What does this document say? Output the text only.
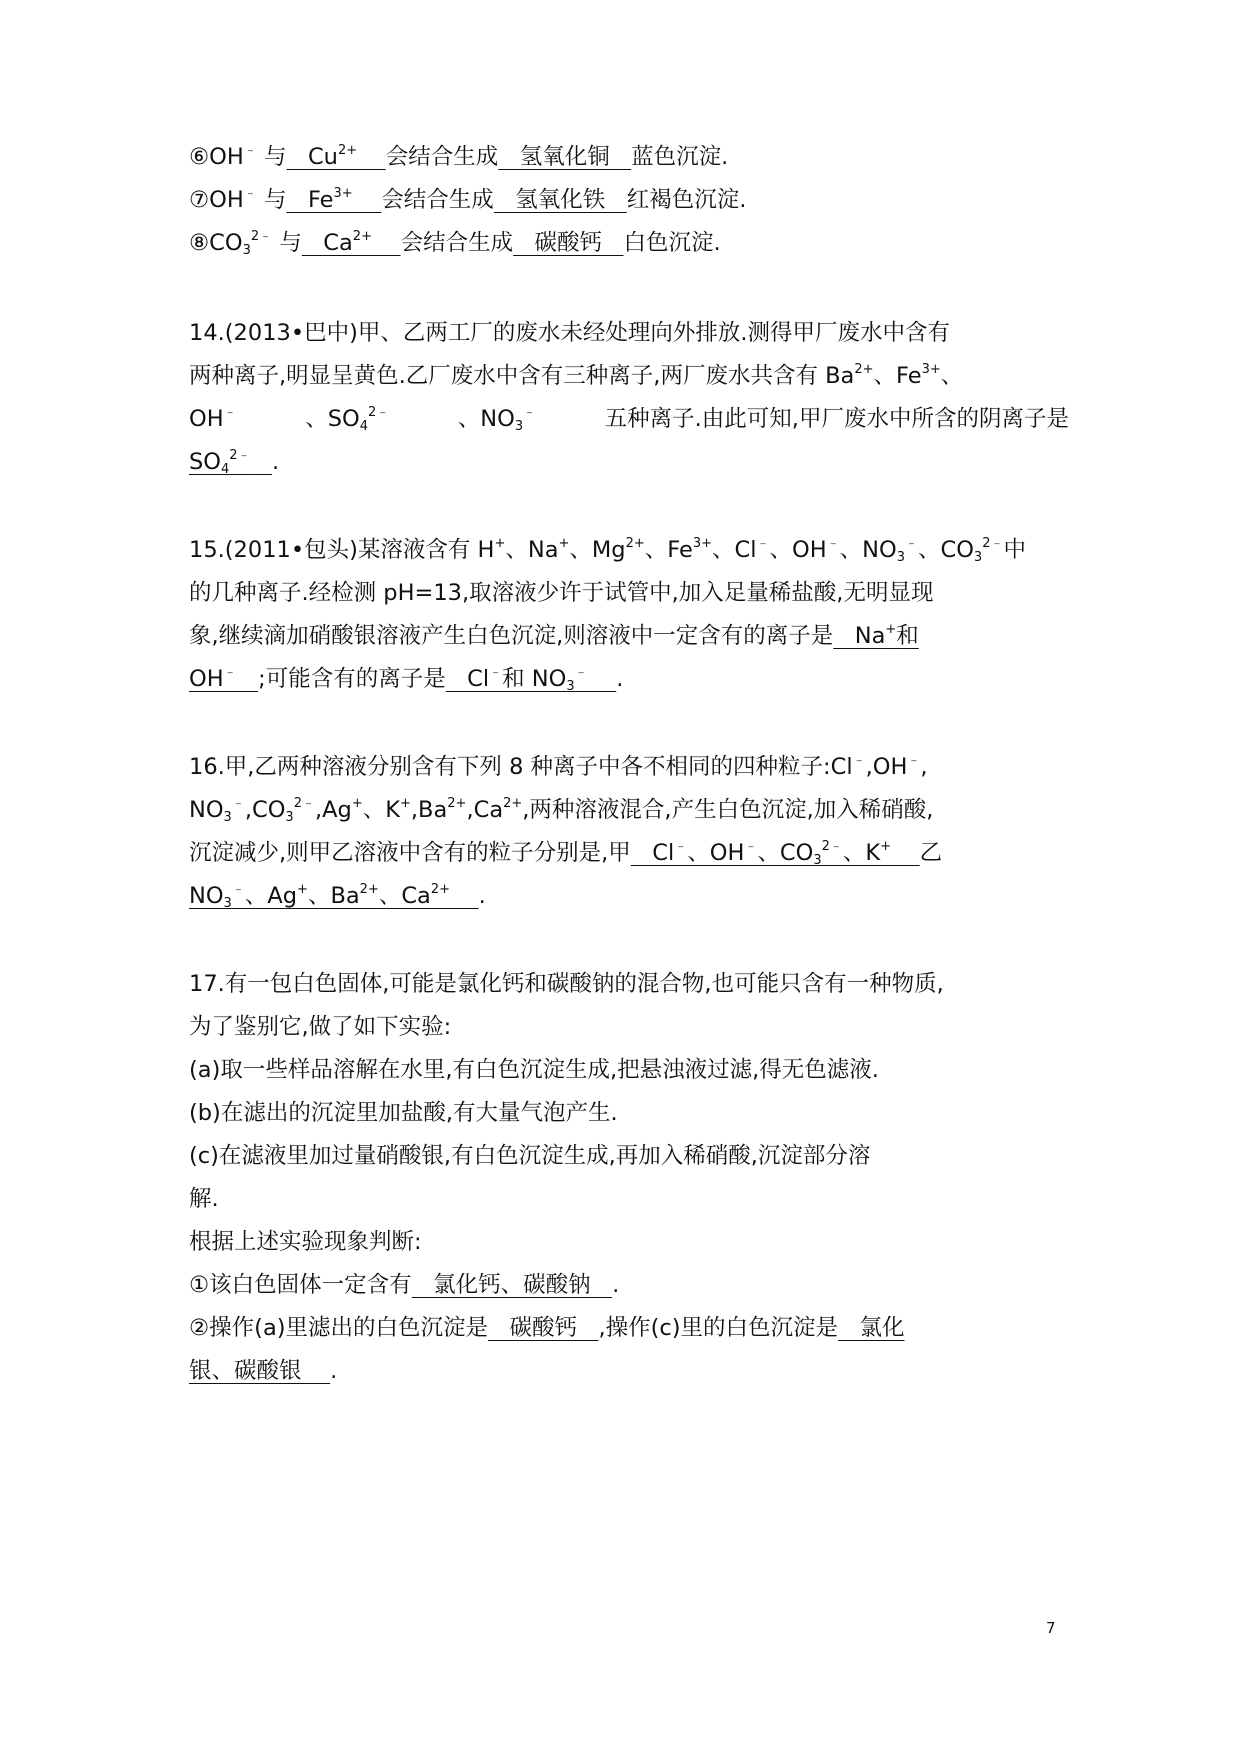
⑥OH﹣ 与   $Cu^{2+}$ 会结合生成   氢氧化铜   蓝色沉淀.
⑦OH﹣ 与   $Fe^{3+}$ 会结合生成   氢氧化铁   红褐色沉淀.
$⑧CO_3^{2﹣}$ 与   $Ca^{2+}$ 会结合生成   碳酸钙   白色沉淀.
14.(2013•巴中)甲、乙两工厂的废水未经处理向外排放.测得甲厂废水中含有
两种离子,明显呈黄色.乙厂废水中含有三种离子,两厂废水共含有 $Ba^{2+}$、$Fe^{3+}$、
OH﹣	、$SO_4^{2﹣}$	、$NO_3^﹣$	五种离子.由此可知,甲厂废水中所含的阴离子是
$SO_4^{2﹣}$ .
15.(2011•包头)某溶液含有 H+、Na+、$Mg^{2+}$、$Fe^{3+}$、Cl﹣、OH﹣、$NO_3^﹣$、$CO_3^{2﹣}$中
的几种离子.经检测 pH=13,取溶液少许于试管中,加入足量稀盐酸,无明显现
象,继续滴加硝酸银溶液产生白色沉淀,则溶液中一定含有的离子是   Na+和
OH﹣ ;可能含有的离子是   Cl﹣和 $NO_3^﹣$ .
16.甲,乙两种溶液分别含有下列 8 种离子中各不相同的四种粒子:Cl﹣,OH﹣,
$NO_3^﹣,CO_3^{2﹣},Ag^+$、$K^+,Ba^{2+},Ca^{2+}$,两种溶液混合,产生白色沉淀,加入稀硝酸,
沉淀减少,则甲乙溶液中含有的粒子分别是,甲   Cl﹣、OH﹣、$CO_3^{2﹣}$、K+ 乙
$NO_3^﹣$、Ag+、$Ba^{2+}$、$Ca^{2+}$ .
17.有一包白色固体,可能是氯化钙和碳酸钠的混合物,也可能只含有一种物质,
为了鉴别它,做了如下实验:
(a)取一些样品溶解在水里,有白色沉淀生成,把悬浊液过滤,得无色滤液.
(b)在滤出的沉淀里加盐酸,有大量气泡产生.
(c)在滤液里加过量硝酸银,有白色沉淀生成,再加入稀硝酸,沉淀部分溶
解.
根据上述实验现象判断:
①该白色固体一定含有   氯化钙、碳酸钠   .
②操作(a)里滤出的白色沉淀是   碳酸钙   ,操作(c)里的白色沉淀是   氯化
银、碳酸银 .
7
